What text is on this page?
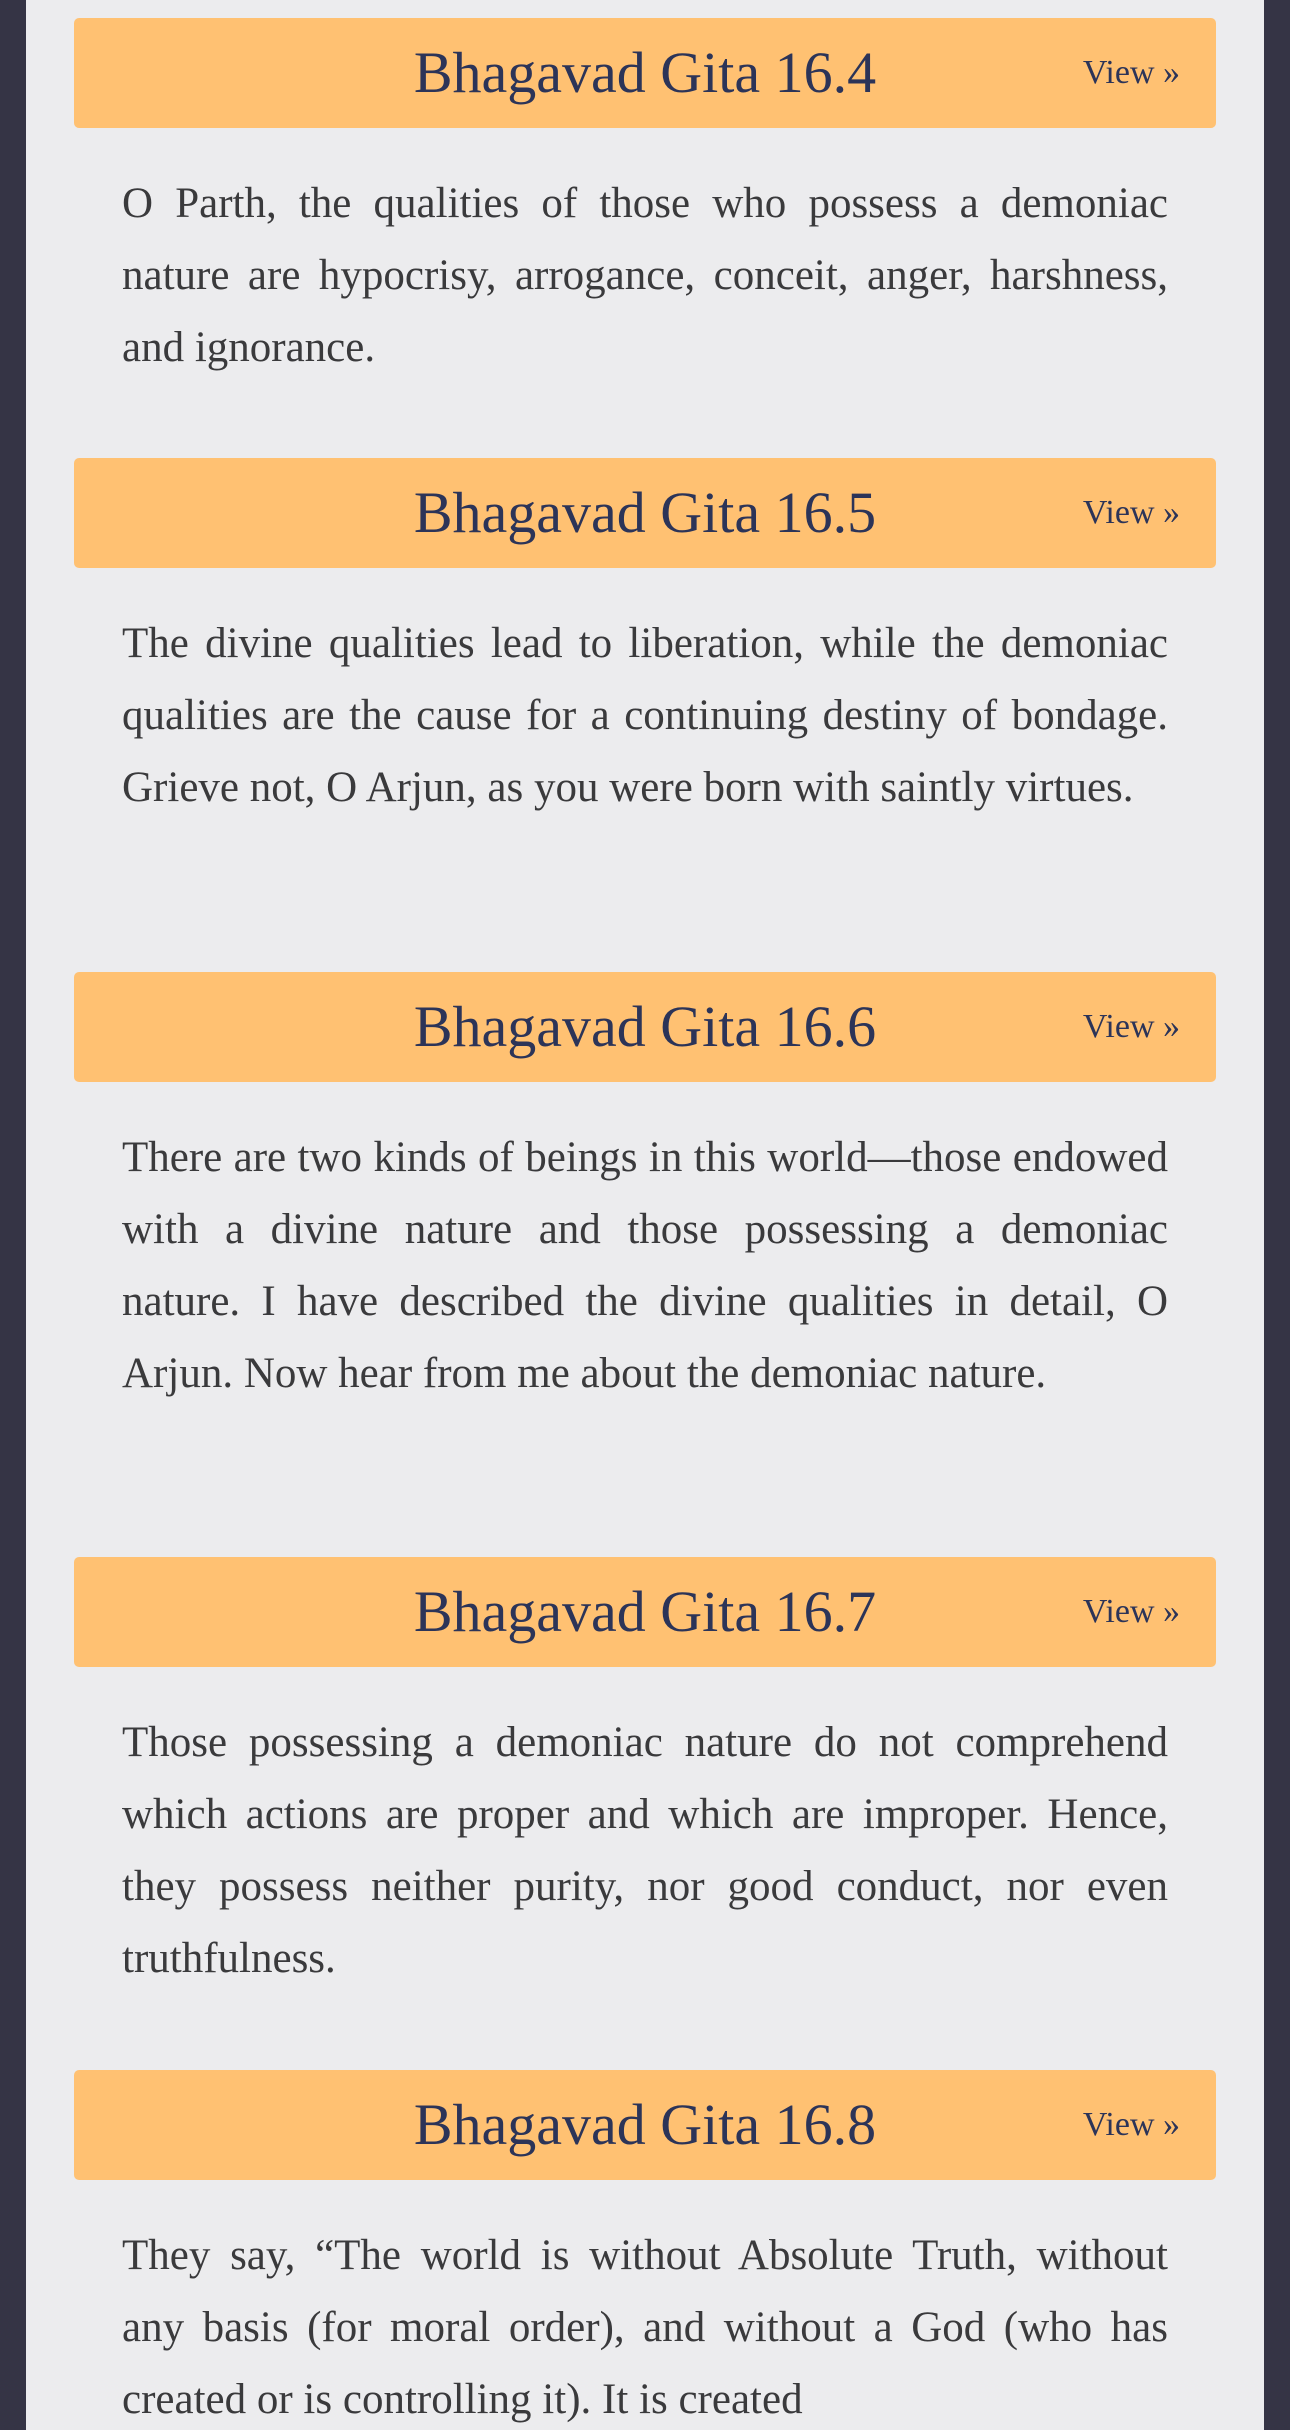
Bhagavad Gita 16.4	View »

O Parth, the qualities of those who possess a demoniac nature are hypocrisy, arrogance, conceit, anger, harshness, and ignorance.

Bhagavad Gita 16.5	View »

The divine qualities lead to liberation, while the demoniac qualities are the cause for a continuing destiny of bondage. Grieve not, O Arjun, as you were born with saintly virtues.

Bhagavad Gita 16.6	View »

There are two kinds of beings in this world—those endowed with a divine nature and those possessing a demoniac nature. I have described the divine qualities in detail, O Arjun. Now hear from me about the demoniac nature.

Bhagavad Gita 16.7	View »

Those possessing a demoniac nature do not comprehend which actions are proper and which are improper. Hence, they possess neither purity, nor good conduct, nor even truthfulness.

Bhagavad Gita 16.8	View »

They say, “The world is without Absolute Truth, without any basis (for moral order), and without a God (who has created or is controlling it). It is created
